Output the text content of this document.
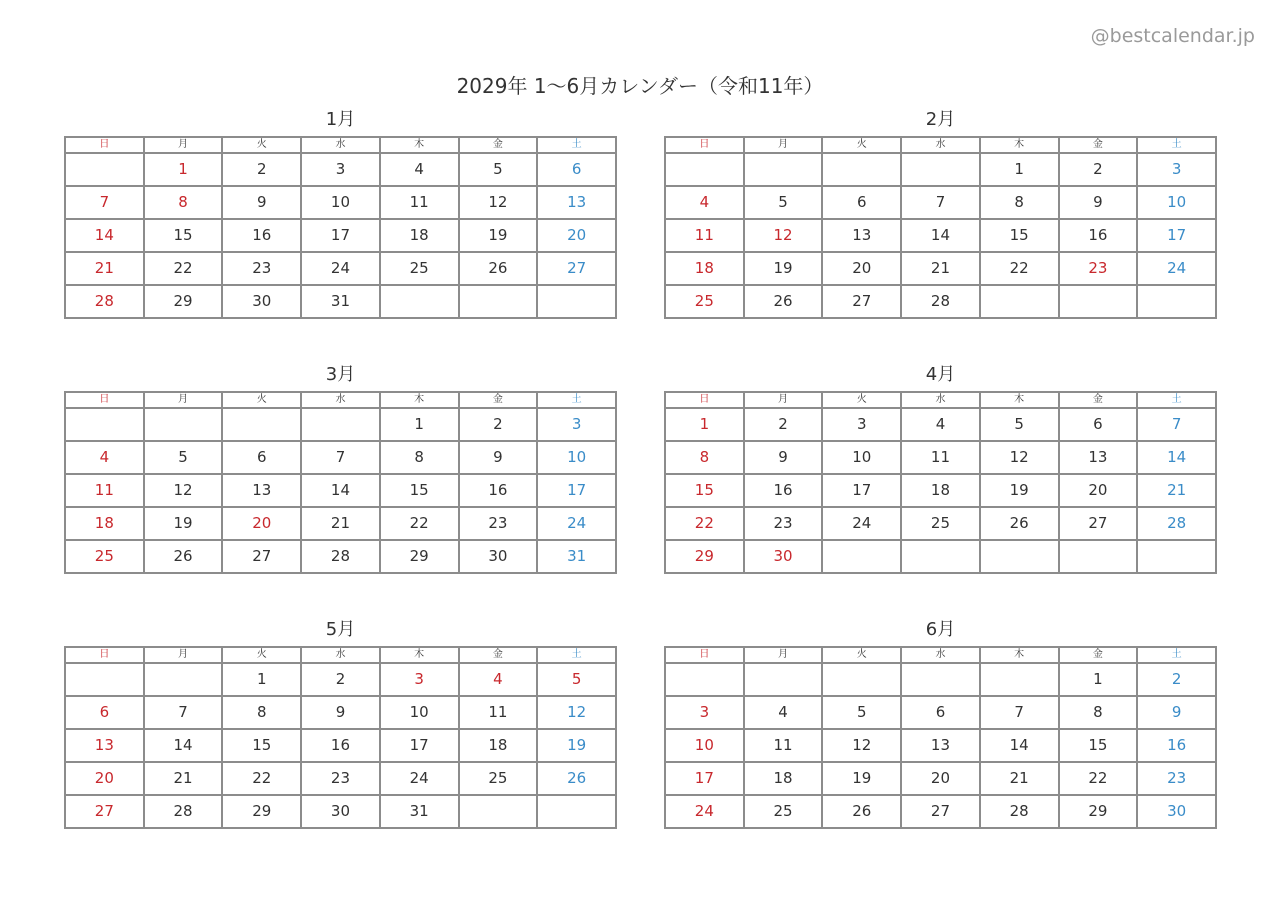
@bestcalendar.jp
2029年 1〜6月カレンダー（令和11年）
1月
日	月	火	水	木	金	土
	1	2	3	4	5	6
7	8	9	10	11	12	13
14	15	16	17	18	19	20
21	22	23	24	25	26	27
28	29	30	31			
2月
日	月	火	水	木	金	土
				1	2	3
4	5	6	7	8	9	10
11	12	13	14	15	16	17
18	19	20	21	22	23	24
25	26	27	28			
3月
日	月	火	水	木	金	土
				1	2	3
4	5	6	7	8	9	10
11	12	13	14	15	16	17
18	19	20	21	22	23	24
25	26	27	28	29	30	31
4月
日	月	火	水	木	金	土
1	2	3	4	5	6	7
8	9	10	11	12	13	14
15	16	17	18	19	20	21
22	23	24	25	26	27	28
29	30					
5月
日	月	火	水	木	金	土
		1	2	3	4	5
6	7	8	9	10	11	12
13	14	15	16	17	18	19
20	21	22	23	24	25	26
27	28	29	30	31		
6月
日	月	火	水	木	金	土
					1	2
3	4	5	6	7	8	9
10	11	12	13	14	15	16
17	18	19	20	21	22	23
24	25	26	27	28	29	30
